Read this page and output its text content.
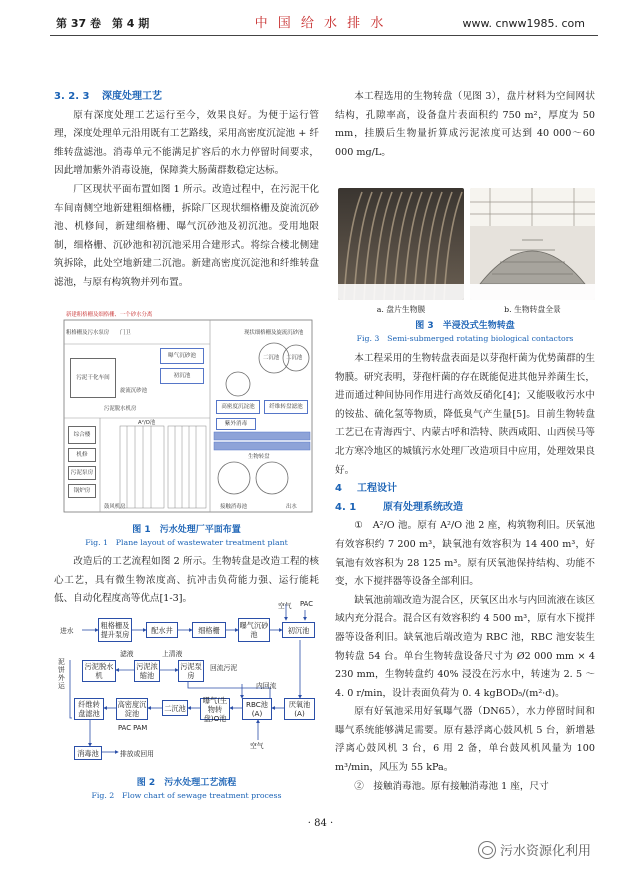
第 37 卷　第 4 期	中 国 给 水 排 水	www. cnww1985. com
3. 2. 3 深度处理工艺

原有深度处理工艺运行至今，效果良好。为便于运行管理，深度处理单元沿用既有工艺路线，采用高密度沉淀池 + 纤维转盘滤池。消毒单元不能满足扩容后的水力停留时间要求，因此增加紫外消毒设施，保障粪大肠菌群数稳定达标。

厂区现状平面布置如图 1 所示。改造过程中，在污泥干化车间南侧空地新建粗细格栅，拆除厂区现状细格栅及旋流沉砂池、机修间，新建细格栅、曝气沉砂池及初沉池。受用地限制，细格栅、沉砂池和初沉池采用合建形式。将综合楼北侧建筑拆除，此处空地新建二沉池。新建高密度沉淀池和纤维转盘滤池，与原有构筑物并列布置。

新建粗格栅及细格栅、一个砂水分离
粗格栅及污水泵房
污泥干化车间
曝气沉砂池
初沉池
二沉池 二沉池
高密度沉淀池	纤维转盘滤池
生物转盘
紫外消毒
综合楼
机修
污泥泵房
锅炉房
A²/O池
鼓风机房	接触消毒池	出水
污泥脱水机房
门卫
旋流沉砂池
现状细格栅及旋流沉砂池
图 1　污水处理厂平面布置
Fig. 1　Plane layout of wastewater treatment plant

改造后的工艺流程如图 2 所示。生物转盘是改造工程的核心工艺，具有微生物浓度高、抗冲击负荷能力强、运行能耗低、自动化程度高等优点[1-3]。

进水
粗格栅及提升泵房	配水井	细格栅	曝气沉砂池	初沉池
空气 PAC
滤液	上清液
污泥脱水机
污泥浓缩池
污泥泵房
泥饼外运
回流污泥
内回流
纤维转盘滤池
高密度沉淀池
二沉池
曝气(生物转盘)O池
RBC池(A)
厌氧池(A)
PAC PAM
空气
消毒池	排放或回用
图 2　污水处理工艺流程
Fig. 2　Flow chart of sewage treatment process

本工程选用的生物转盘（见图 3），盘片材料为空间网状结构，孔隙率高，设备盘片表面积约 750 m²，厚度为 50 mm，挂膜后生物量折算成污泥浓度可达到 40 000～60 000 mg/L。

a. 盘片生物膜	b. 生物转盘全景
图 3　半浸没式生物转盘
Fig. 3　Semi-submerged rotating biological contactors

本工程采用的生物转盘表面是以芽孢杆菌为优势菌群的生物膜。研究表明，芽孢杆菌的存在既能促进其他异养菌生长，进而通过种间协同作用进行高效反硝化[4]；又能吸收污水中的铵盐、硫化氢等物质，降低臭气产生量[5]。目前生物转盘工艺已在青海西宁、内蒙古呼和浩特、陕西咸阳、山西侯马等北方寒冷地区的城镇污水处理厂改造项目中应用，处理效果良好。

4 工程设计
4. 1	原有处理系统改造

①　A²/O 池。原有 A²/O 池 2 座，构筑物利旧。厌氧池有效容积约 7 200 m³，缺氧池有效容积为 14 400 m³，好氧池有效容积为 28 125 m³。原有厌氧池保持结构、功能不变，水下搅拌器等设备全部利旧。

缺氧池前端改造为混合区，厌氧区出水与内回流液在该区域内充分混合。混合区有效容积约 4 500 m³，原有水下搅拌器等设备利旧。缺氧池后端改造为 RBC 池，RBC 池安装生物转盘 54 台。单台生物转盘设备尺寸为 Ø2 000 mm × 4 230 mm，生物转盘约 40% 浸没在污水中，转速为 2. 5 ～ 4. 0 r/min，设计表面负荷为 0. 4 kgBOD₅/(m²·d)。

原有好氧池采用好氧曝气器（DN65），水力停留时间和曝气系统能够满足需要。原有悬浮离心鼓风机 5 台，新增悬浮离心鼓风机 3 台，6 用 2 备，单台鼓风机风量为 100 m³/min，风压为 55 kPa。

②　接触消毒池。原有接触消毒池 1 座，尺寸

· 84 ·
污水资源化利用
